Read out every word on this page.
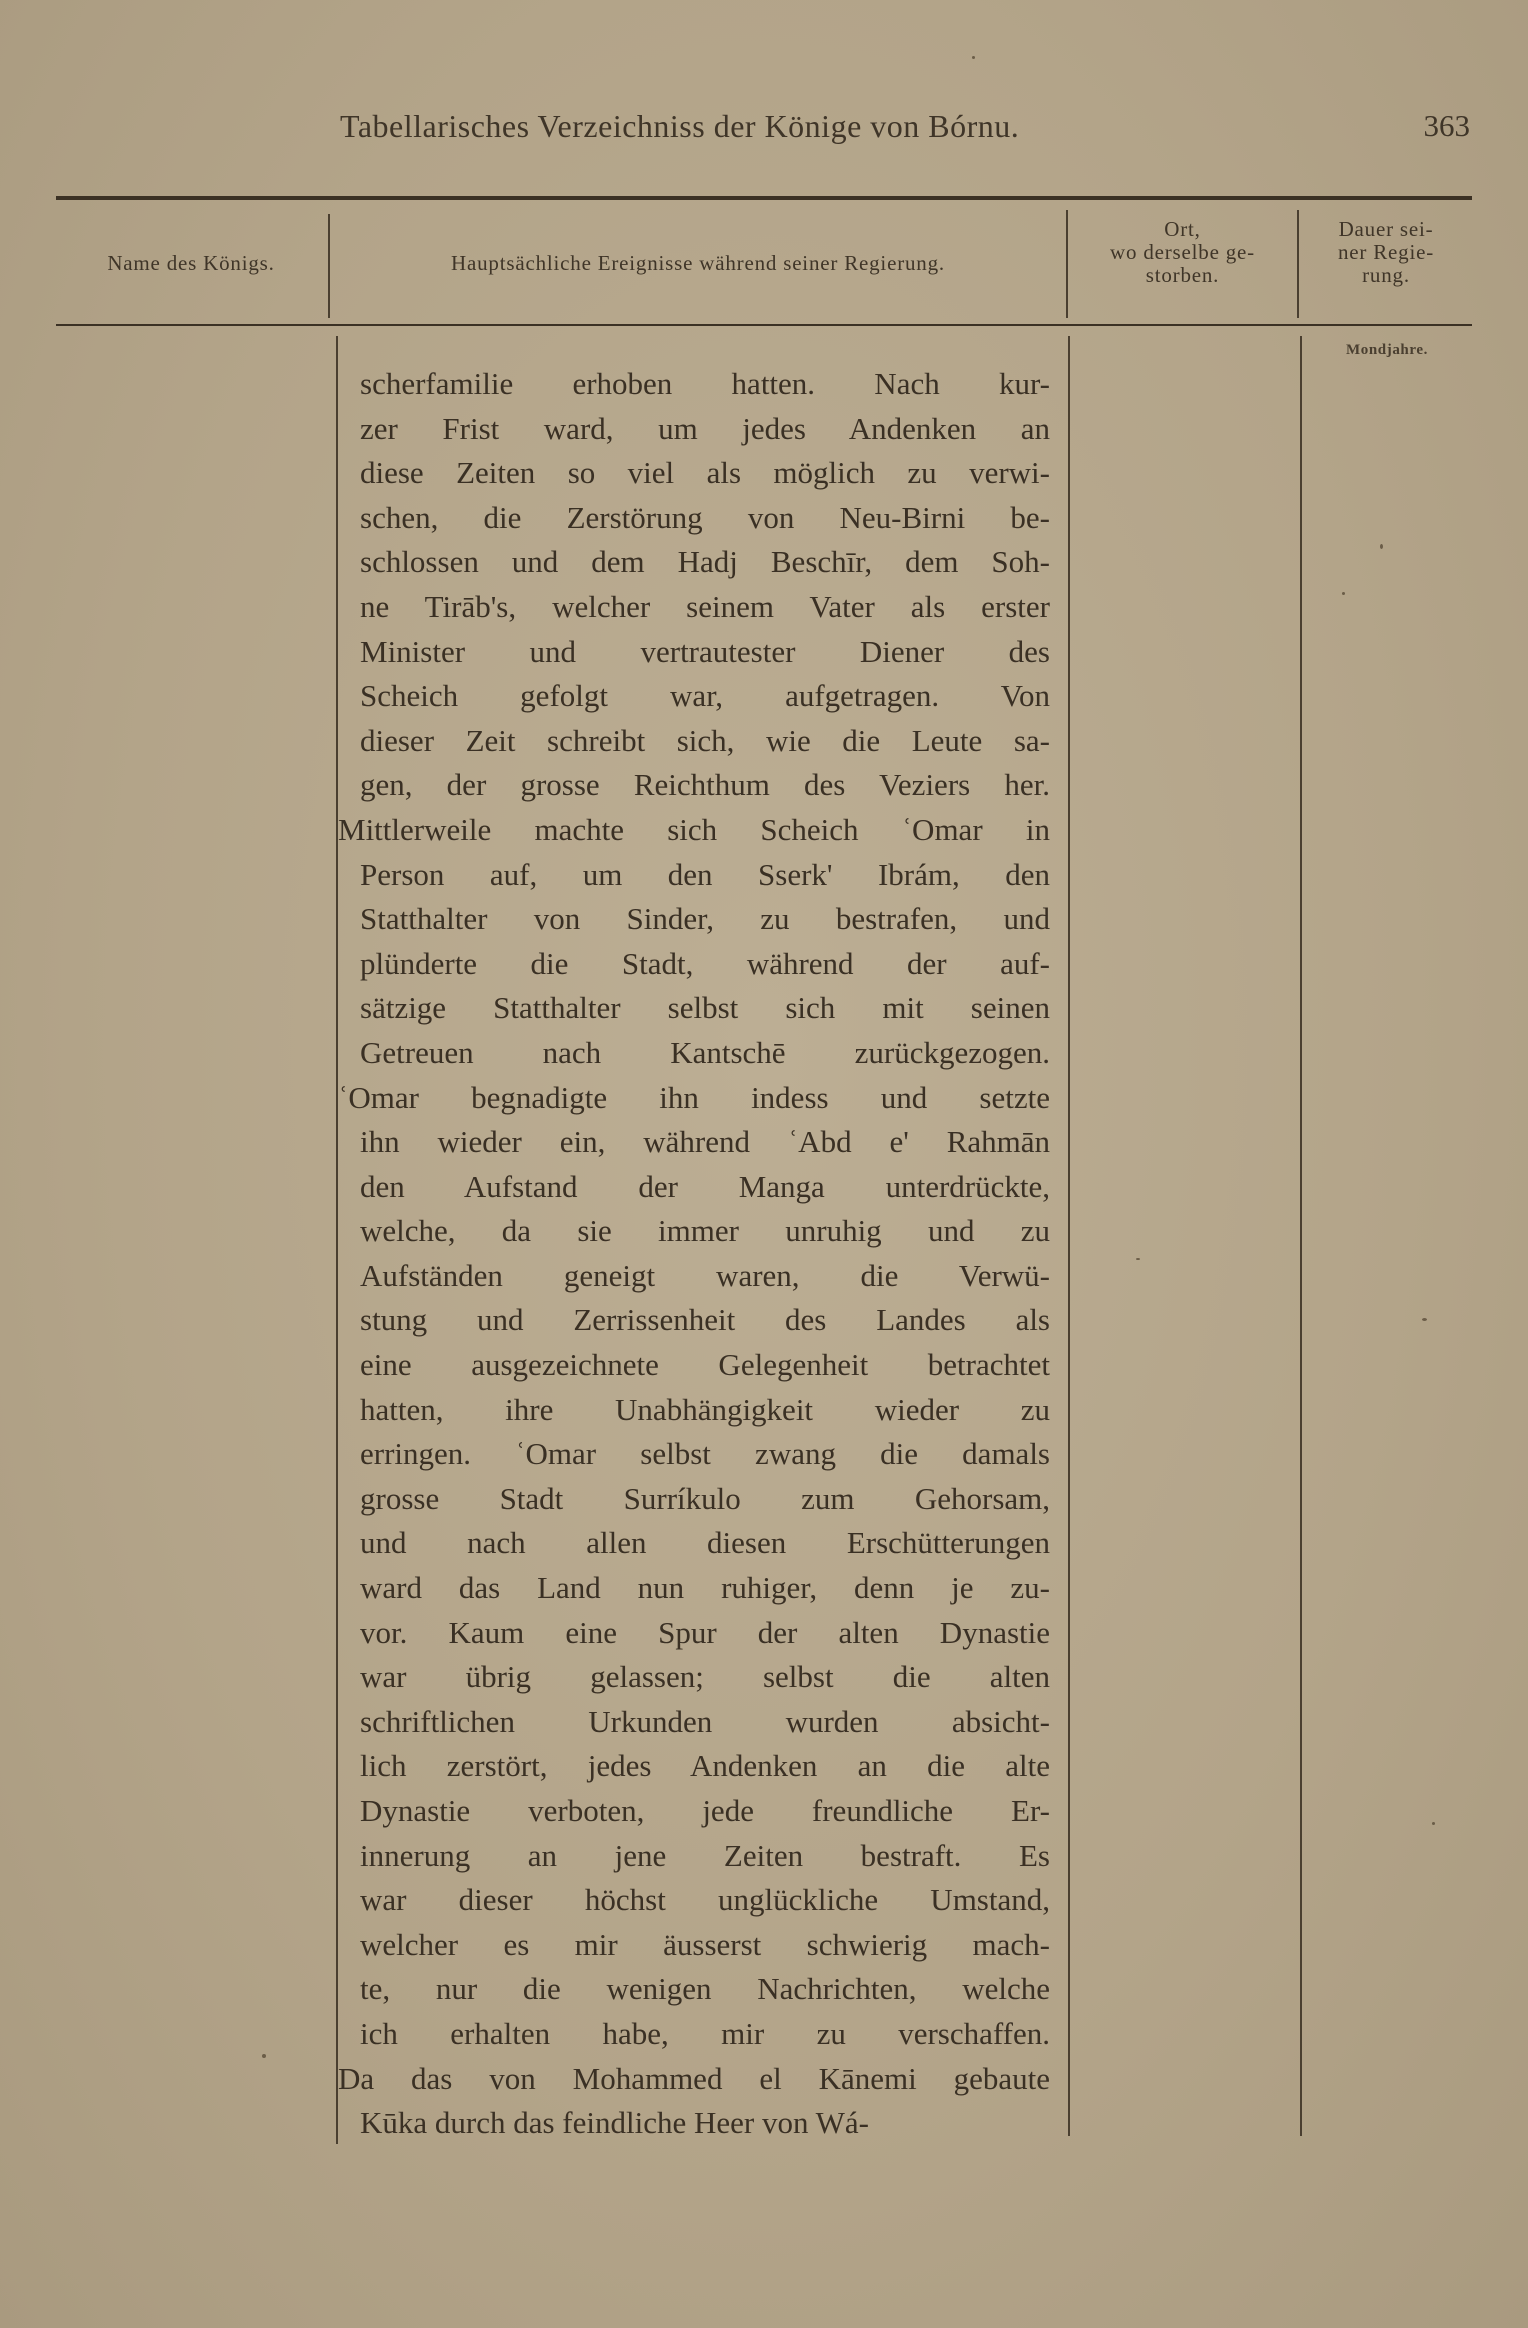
Tabellarisches Verzeichniss der Könige von Bórnu.	363
Name des Königs.	Hauptsächliche Ereignisse während seiner Regierung.
Ort,
wo derselbe ge-
storben.
Dauer sei-
ner Regie-
rung.
Mondjahre.
scherfamilie erhoben hatten. Nach kur-
zer Frist ward, um jedes Andenken an
diese Zeiten so viel als möglich zu verwi-
schen, die Zerstörung von Neu-Birni be-
schlossen und dem Hadj Beschīr, dem Soh-
ne Tirāb's, welcher seinem Vater als erster
Minister und vertrautester Diener des
Scheich gefolgt war, aufgetragen. Von
dieser Zeit schreibt sich, wie die Leute sa-
gen, der grosse Reichthum des Veziers her.
Mittlerweile machte sich Scheich ʿOmar in
Person auf, um den Sserk' Ibrám, den
Statthalter von Sinder, zu bestrafen, und
plünderte die Stadt, während der auf-
sätzige Statthalter selbst sich mit seinen
Getreuen nach Kantschē zurückgezogen.
ʿOmar begnadigte ihn indess und setzte
ihn wieder ein, während ʿAbd e' Rahmān
den Aufstand der Manga unterdrückte,
welche, da sie immer unruhig und zu
Aufständen geneigt waren, die Verwü-
stung und Zerrissenheit des Landes als
eine ausgezeichnete Gelegenheit betrachtet
hatten, ihre Unabhängigkeit wieder zu
erringen. ʿOmar selbst zwang die damals
grosse Stadt Surríkulo zum Gehorsam,
und nach allen diesen Erschütterungen
ward das Land nun ruhiger, denn je zu-
vor. Kaum eine Spur der alten Dynastie
war übrig gelassen; selbst die alten
schriftlichen Urkunden wurden absicht-
lich zerstört, jedes Andenken an die alte
Dynastie verboten, jede freundliche Er-
innerung an jene Zeiten bestraft. Es
war dieser höchst unglückliche Umstand,
welcher es mir äusserst schwierig mach-
te, nur die wenigen Nachrichten, welche
ich erhalten habe, mir zu verschaffen.
Da das von Mohammed el Kānemi gebaute
Kūka durch das feindliche Heer von Wá-
